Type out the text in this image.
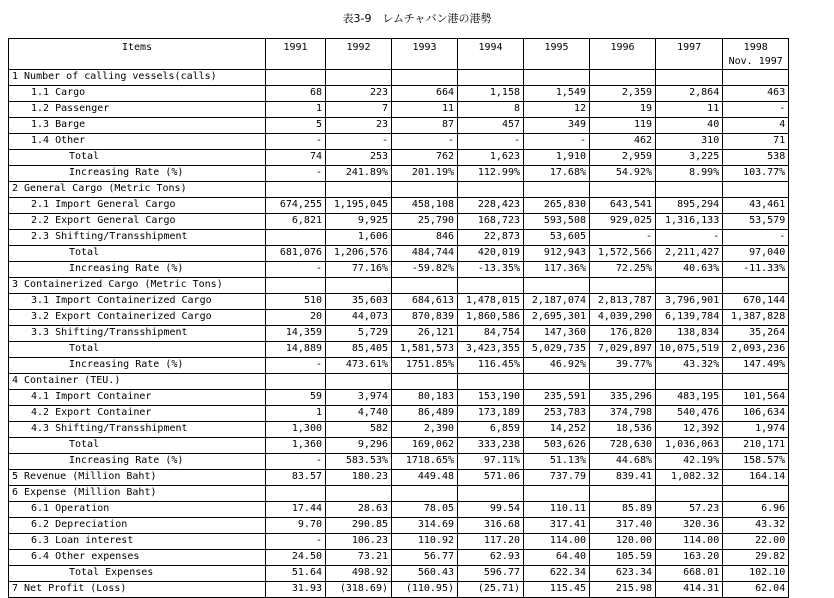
表3-9　レムチャバン港の港勢
Items	1991	1992	1993	1994	1995	1996	1997	1998
Nov. 1997

1 Number of calling vessels(calls)								
1.1 Cargo	68	223	664	1,158	1,549	2,359	2,864	463
1.2 Passenger	1	7	11	8	12	19	11	-
1.3 Barge	5	23	87	457	349	119	40	4
1.4 Other	-	-	-	-	-	462	310	71
Total	74	253	762	1,623	1,910	2,959	3,225	538
Increasing Rate (%)	-	241.89%	201.19%	112.99%	17.68%	54.92%	8.99%	103.77%
2 General Cargo (Metric Tons)								
2.1 Import General Cargo	674,255	1,195,045	458,108	228,423	265,830	643,541	895,294	43,461
2.2 Export General Cargo	6,821	9,925	25,790	168,723	593,508	929,025	1,316,133	53,579
2.3 Shifting/Transshipment		1,606	846	22,873	53,605	-	-	-
Total	681,076	1,206,576	484,744	420,019	912,943	1,572,566	2,211,427	97,040
Increasing Rate (%)	-	77.16%	-59.82%	-13.35%	117.36%	72.25%	40.63%	-11.33%
3 Containerized Cargo (Metric Tons)								
3.1 Import Containerized Cargo	510	35,603	684,613	1,478,015	2,187,074	2,813,787	3,796,901	670,144
3.2 Export Containerized Cargo	20	44,073	870,839	1,860,586	2,695,301	4,039,290	6,139,784	1,387,828
3.3 Shifting/Transshipment	14,359	5,729	26,121	84,754	147,360	176,820	138,834	35,264
Total	14,889	85,405	1,581,573	3,423,355	5,029,735	7,029,897	10,075,519	2,093,236
Increasing Rate (%)	-	473.61%	1751.85%	116.45%	46.92%	39.77%	43.32%	147.49%
4 Container (TEU.)								
4.1 Import Container	59	3,974	80,183	153,190	235,591	335,296	483,195	101,564
4.2 Export Container	1	4,740	86,489	173,189	253,783	374,798	540,476	106,634
4.3 Shifting/Transshipment	1,300	582	2,390	6,859	14,252	18,536	12,392	1,974
Total	1,360	9,296	169,062	333,238	503,626	728,630	1,036,063	210,171
Increasing Rate (%)	-	583.53%	1718.65%	97.11%	51.13%	44.68%	42.19%	158.57%
5 Revenue (Million Baht)	83.57	180.23	449.48	571.06	737.79	839.41	1,082.32	164.14
6 Expense (Million Baht)								
6.1 Operation	17.44	28.63	78.05	99.54	110.11	85.89	57.23	6.96
6.2 Depreciation	9.70	290.85	314.69	316.68	317.41	317.40	320.36	43.32
6.3 Loan interest	-	106.23	110.92	117.20	114.00	120.00	114.00	22.00
6.4 Other expenses	24.50	73.21	56.77	62.93	64.40	105.59	163.20	29.82
Total Expenses	51.64	498.92	560.43	596.77	622.34	623.34	668.01	102.10
7 Net Profit (Loss)	31.93	(318.69)	(110.95)	(25.71)	115.45	215.98	414.31	62.04
